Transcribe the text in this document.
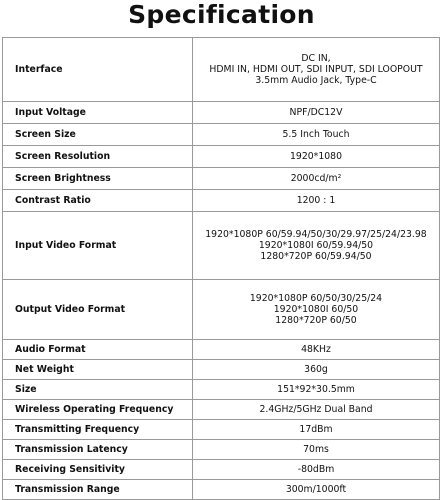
Specification
Interface	DC IN,
HDMI IN, HDMI OUT, SDI INPUT, SDI LOOPOUT
3.5mm Audio Jack, Type-C

Input Voltage	NPF/DC12V

Screen Size	5.5 Inch Touch

Screen Resolution	1920*1080

Screen Brightness	2000cd/m²

Contrast Ratio	1200 : 1

Input Video Format	1920*1080P 60/59.94/50/30/29.97/25/24/23.98
1920*1080I 60/59.94/50
1280*720P 60/59.94/50

Output Video Format	1920*1080P 60/50/30/25/24
1920*1080I 60/50
1280*720P 60/50

Audio Format	48KHz

Net Weight	360g

Size	151*92*30.5mm

Wireless Operating Frequency	2.4GHz/5GHz Dual Band

Transmitting Frequency	17dBm

Transmission Latency	70ms

Receiving Sensitivity	-80dBm

Transmission Range	300m/1000ft
